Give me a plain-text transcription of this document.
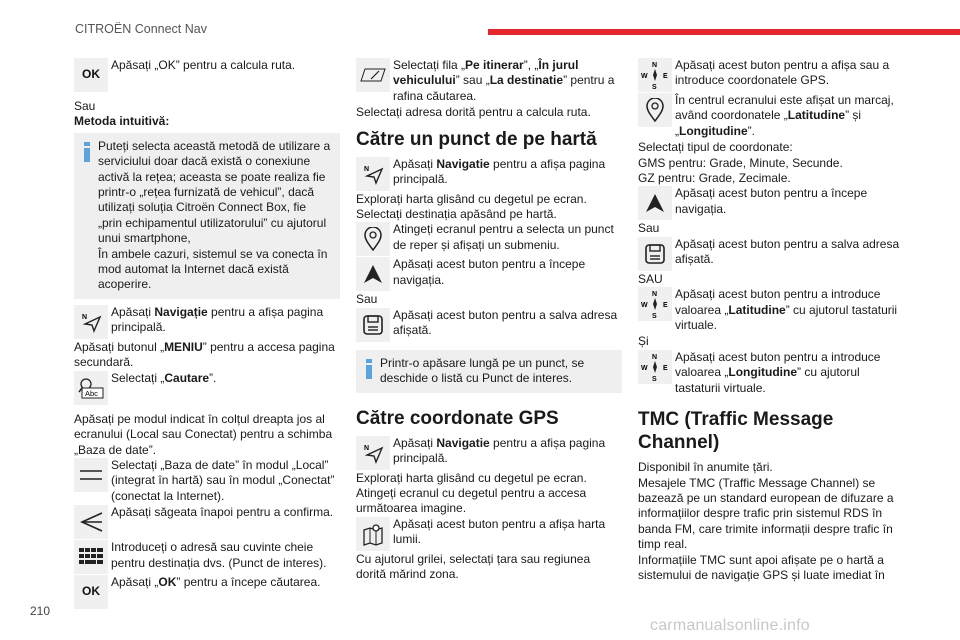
CITROËN Connect Nav
210
carmanualsonline.info
OK

Apăsați „OK” pentru a calcula ruta.

Sau

Metoda intuitivă:

Puteți selecta această metodă de utilizare a serviciului doar dacă există o conexiune activă la rețea; aceasta se poate realiza fie printr-o „rețea furnizată de vehicul”, dacă utilizați soluția Citroën Connect Box, fie „prin echipamentul utilizatorului” cu ajutorul unui smartphone,

În ambele cazuri, sistemul se va conecta în mod automat la Internet dacă există acoperire.

N Apăsați Navigație pentru a afișa pagina principală.

Apăsați butonul „MENIU” pentru a accesa pagina secundară.

Abc

Selectați „Cautare”.

Apăsați pe modul indicat în colțul dreapta jos al ecranului (Local sau Conectat) pentru a schimba „Baza de date”.

Selectați „Baza de date” în modul „Local” (integrat în hartă) sau în modul „Conectat” (conectat la Internet).

Apăsați săgeata înapoi pentru a confirma.

Introduceți o adresă sau cuvinte cheie pentru destinația dvs. (Punct de interes).

OK

Apăsați „OK” pentru a începe căutarea.

Selectați fila „Pe itinerar”, „În jurul vehiculului” sau „La destinatie” pentru a rafina căutarea.

Selectați adresa dorită pentru a calcula ruta.

Către un punct de pe hartă
N Apăsați Navigatie pentru a afișa pagina principală.

Explorați harta glisând cu degetul pe ecran.

Selectați destinația apăsând pe hartă.

Atingeți ecranul pentru a selecta un punct de reper și afișați un submeniu.

Apăsați acest buton pentru a începe navigația.

Sau

Apăsați acest buton pentru a salva adresa afișată.

Printr-o apăsare lungă pe un punct, se deschide o listă cu Punct de interes.

Către coordonate GPS
N Apăsați Navigatie pentru a afișa pagina principală.

Explorați harta glisând cu degetul pe ecran.

Atingeți ecranul cu degetul pentru a accesa următoarea imagine.

Apăsați acest buton pentru a afișa harta lumii.

Cu ajutorul grilei, selectați țara sau regiunea dorită mărind zona.

N
S
W E

Apăsați acest buton pentru a afișa sau a introduce coordonatele GPS.

În centrul ecranului este afișat un marcaj, având coordonatele „Latitudine” și „Longitudine”.

Selectați tipul de coordonate:

GMS pentru: Grade, Minute, Secunde.

GZ pentru: Grade, Zecimale.

Apăsați acest buton pentru a începe navigația.

Sau

Apăsați acest buton pentru a salva adresa afișată.

SAU

N
S
W E

Apăsați acest buton pentru a introduce valoarea „Latitudine” cu ajutorul tastaturii virtuale.

Și

N
S
W E

Apăsați acest buton pentru a introduce valoarea „Longitudine” cu ajutorul tastaturii virtuale.

TMC (Traffic Message Channel)

Disponibil în anumite țări.

Mesajele TMC (Traffic Message Channel) se bazează pe un standard european de difuzare a informațiilor despre trafic prin sistemul RDS în banda FM, care trimite informații despre trafic în timp real.

Informațiile TMC sunt apoi afișate pe o hartă a sistemului de navigație GPS și luate imediat în
